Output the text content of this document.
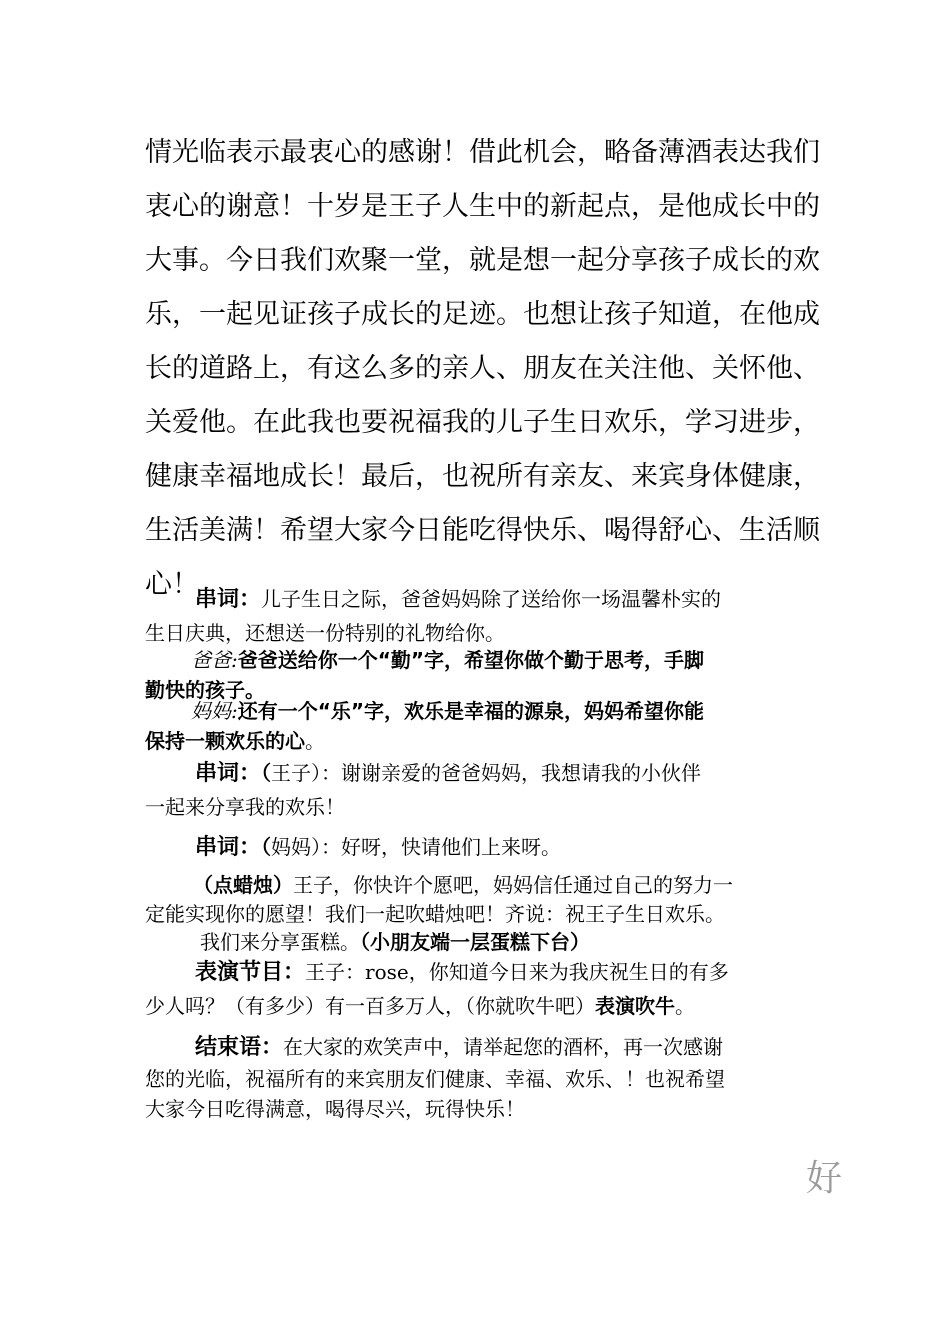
情光临表示最衷心的感谢！借此机会，略备薄酒表达我们
衷心的谢意！十岁是王子人生中的新起点，是他成长中的
大事。今日我们欢聚一堂，就是想一起分享孩子成长的欢
乐，一起见证孩子成长的足迹。也想让孩子知道，在他成
长的道路上，有这么多的亲人、朋友在关注他、关怀他、
关爱他。在此我也要祝福我的儿子生日欢乐，学习进步，
健康幸福地成长！最后，也祝所有亲友、来宾身体健康，
生活美满！希望大家今日能吃得快乐、喝得舒心、生活顺
心！
串词：儿子生日之际，爸爸妈妈除了送给你一场温馨朴实的
生日庆典，还想送一份特别的礼物给你。
爸爸:爸爸送给你一个“勤”字，希望你做个勤于思考，手脚
勤快的孩子。
妈妈:还有一个“乐”字，欢乐是幸福的源泉，妈妈希望你能
保持一颗欢乐的心。
串词：（王子）：谢谢亲爱的爸爸妈妈，我想请我的小伙伴
一起来分享我的欢乐！
串词：（妈妈）：好呀，快请他们上来呀。
（点蜡烛）王子，你快许个愿吧，妈妈信任通过自己的努力一
定能实现你的愿望！我们一起吹蜡烛吧！齐说：祝王子生日欢乐。
我们来分享蛋糕。（小朋友端一层蛋糕下台）
表演节目：王子：rose，你知道今日来为我庆祝生日的有多
少人吗？（有多少）有一百多万人，（你就吹牛吧）表演吹牛。
结束语：在大家的欢笑声中，请举起您的酒杯，再一次感谢
您的光临，祝福所有的来宾朋友们健康、幸福、欢乐、！也祝希望
大家今日吃得满意，喝得尽兴，玩得快乐！
好
